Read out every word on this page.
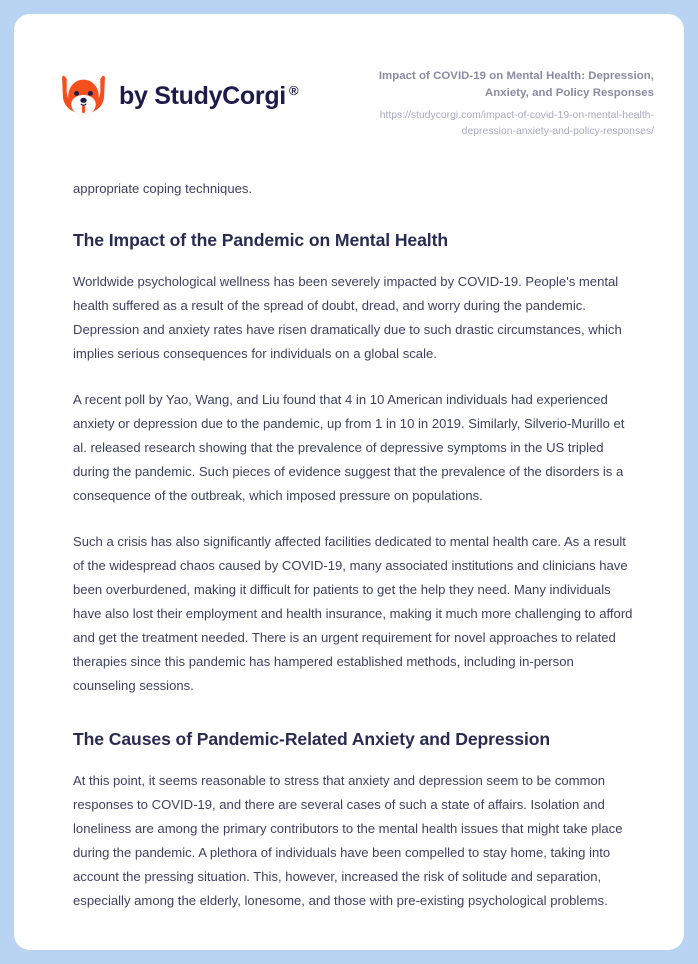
by StudyCorgi ®

Impact of COVID-19 on Mental Health: Depression, Anxiety, and Policy Responses

https://studycorgi.com/impact-of-covid-19-on-mental-health-depression-anxiety-and-policy-responses/

appropriate coping techniques.

The Impact of the Pandemic on Mental Health

Worldwide psychological wellness has been severely impacted by COVID-19. People's mental health suffered as a result of the spread of doubt, dread, and worry during the pandemic. Depression and anxiety rates have risen dramatically due to such drastic circumstances, which implies serious consequences for individuals on a global scale.

A recent poll by Yao, Wang, and Liu found that 4 in 10 American individuals had experienced anxiety or depression due to the pandemic, up from 1 in 10 in 2019. Similarly, Silverio-Murillo et al. released research showing that the prevalence of depressive symptoms in the US tripled during the pandemic. Such pieces of evidence suggest that the prevalence of the disorders is a consequence of the outbreak, which imposed pressure on populations.

Such a crisis has also significantly affected facilities dedicated to mental health care. As a result of the widespread chaos caused by COVID-19, many associated institutions and clinicians have been overburdened, making it difficult for patients to get the help they need. Many individuals have also lost their employment and health insurance, making it much more challenging to afford and get the treatment needed. There is an urgent requirement for novel approaches to related therapies since this pandemic has hampered established methods, including in-person counseling sessions.

The Causes of Pandemic-Related Anxiety and Depression

At this point, it seems reasonable to stress that anxiety and depression seem to be common responses to COVID-19, and there are several cases of such a state of affairs. Isolation and loneliness are among the primary contributors to the mental health issues that might take place during the pandemic. A plethora of individuals have been compelled to stay home, taking into account the pressing situation. This, however, increased the risk of solitude and separation, especially among the elderly, lonesome, and those with pre-existing psychological problems.
